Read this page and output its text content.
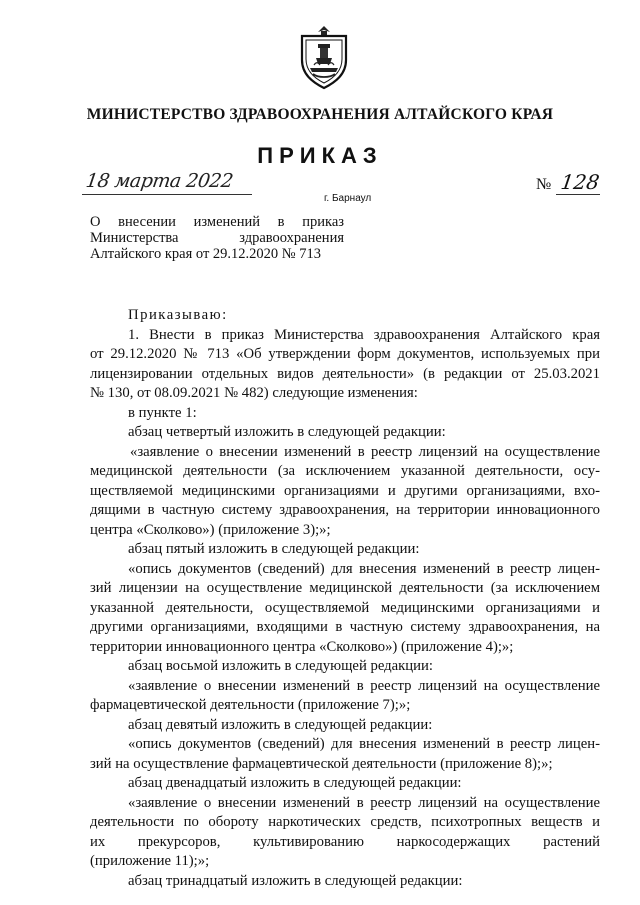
МИНИСТЕРСТВО ЗДРАВООХРАНЕНИЯ АЛТАЙСКОГО КРАЯ
ПРИКАЗ
18 марта 2022
г. Барнаул
№ 128
О внесении изменений в приказ
Министерства здравоохранения
Алтайского края от 29.12.2020 № 713
Приказываю:
1. Внести в приказ Министерства здравоохранения Алтайского края
от 29.12.2020 № 713 «Об утверждении форм документов, используемых при
лицензировании отдельных видов деятельности» (в редакции от 25.03.2021
№ 130, от 08.09.2021 № 482) следующие изменения:
в пункте 1:
абзац четвертый изложить в следующей редакции:
«заявление о внесении изменений в реестр лицензий на осуществление
медицинской деятельности (за исключением указанной деятельности, осу-
ществляемой медицинскими организациями и другими организациями, вхо-
дящими в частную систему здравоохранения, на территории инновационного
центра «Сколково») (приложение 3);»;
абзац пятый изложить в следующей редакции:
«опись документов (сведений) для внесения изменений в реестр лицен-
зий лицензии на осуществление медицинской деятельности (за исключением
указанной деятельности, осуществляемой медицинскими организациями и
другими организациями, входящими в частную систему здравоохранения, на
территории инновационного центра «Сколково») (приложение 4);»;
абзац восьмой изложить в следующей редакции:
«заявление о внесении изменений в реестр лицензий на осуществление
фармацевтической деятельности (приложение 7);»;
абзац девятый изложить в следующей редакции:
«опись документов (сведений) для внесения изменений в реестр лицен-
зий на осуществление фармацевтической деятельности (приложение 8);»;
абзац двенадцатый изложить в следующей редакции:
«заявление о внесении изменений в реестр лицензий на осуществление
деятельности по обороту наркотических средств, психотропных веществ и
их прекурсоров, культивированию наркосодержащих растений
(приложение 11);»;
абзац тринадцатый изложить в следующей редакции:
